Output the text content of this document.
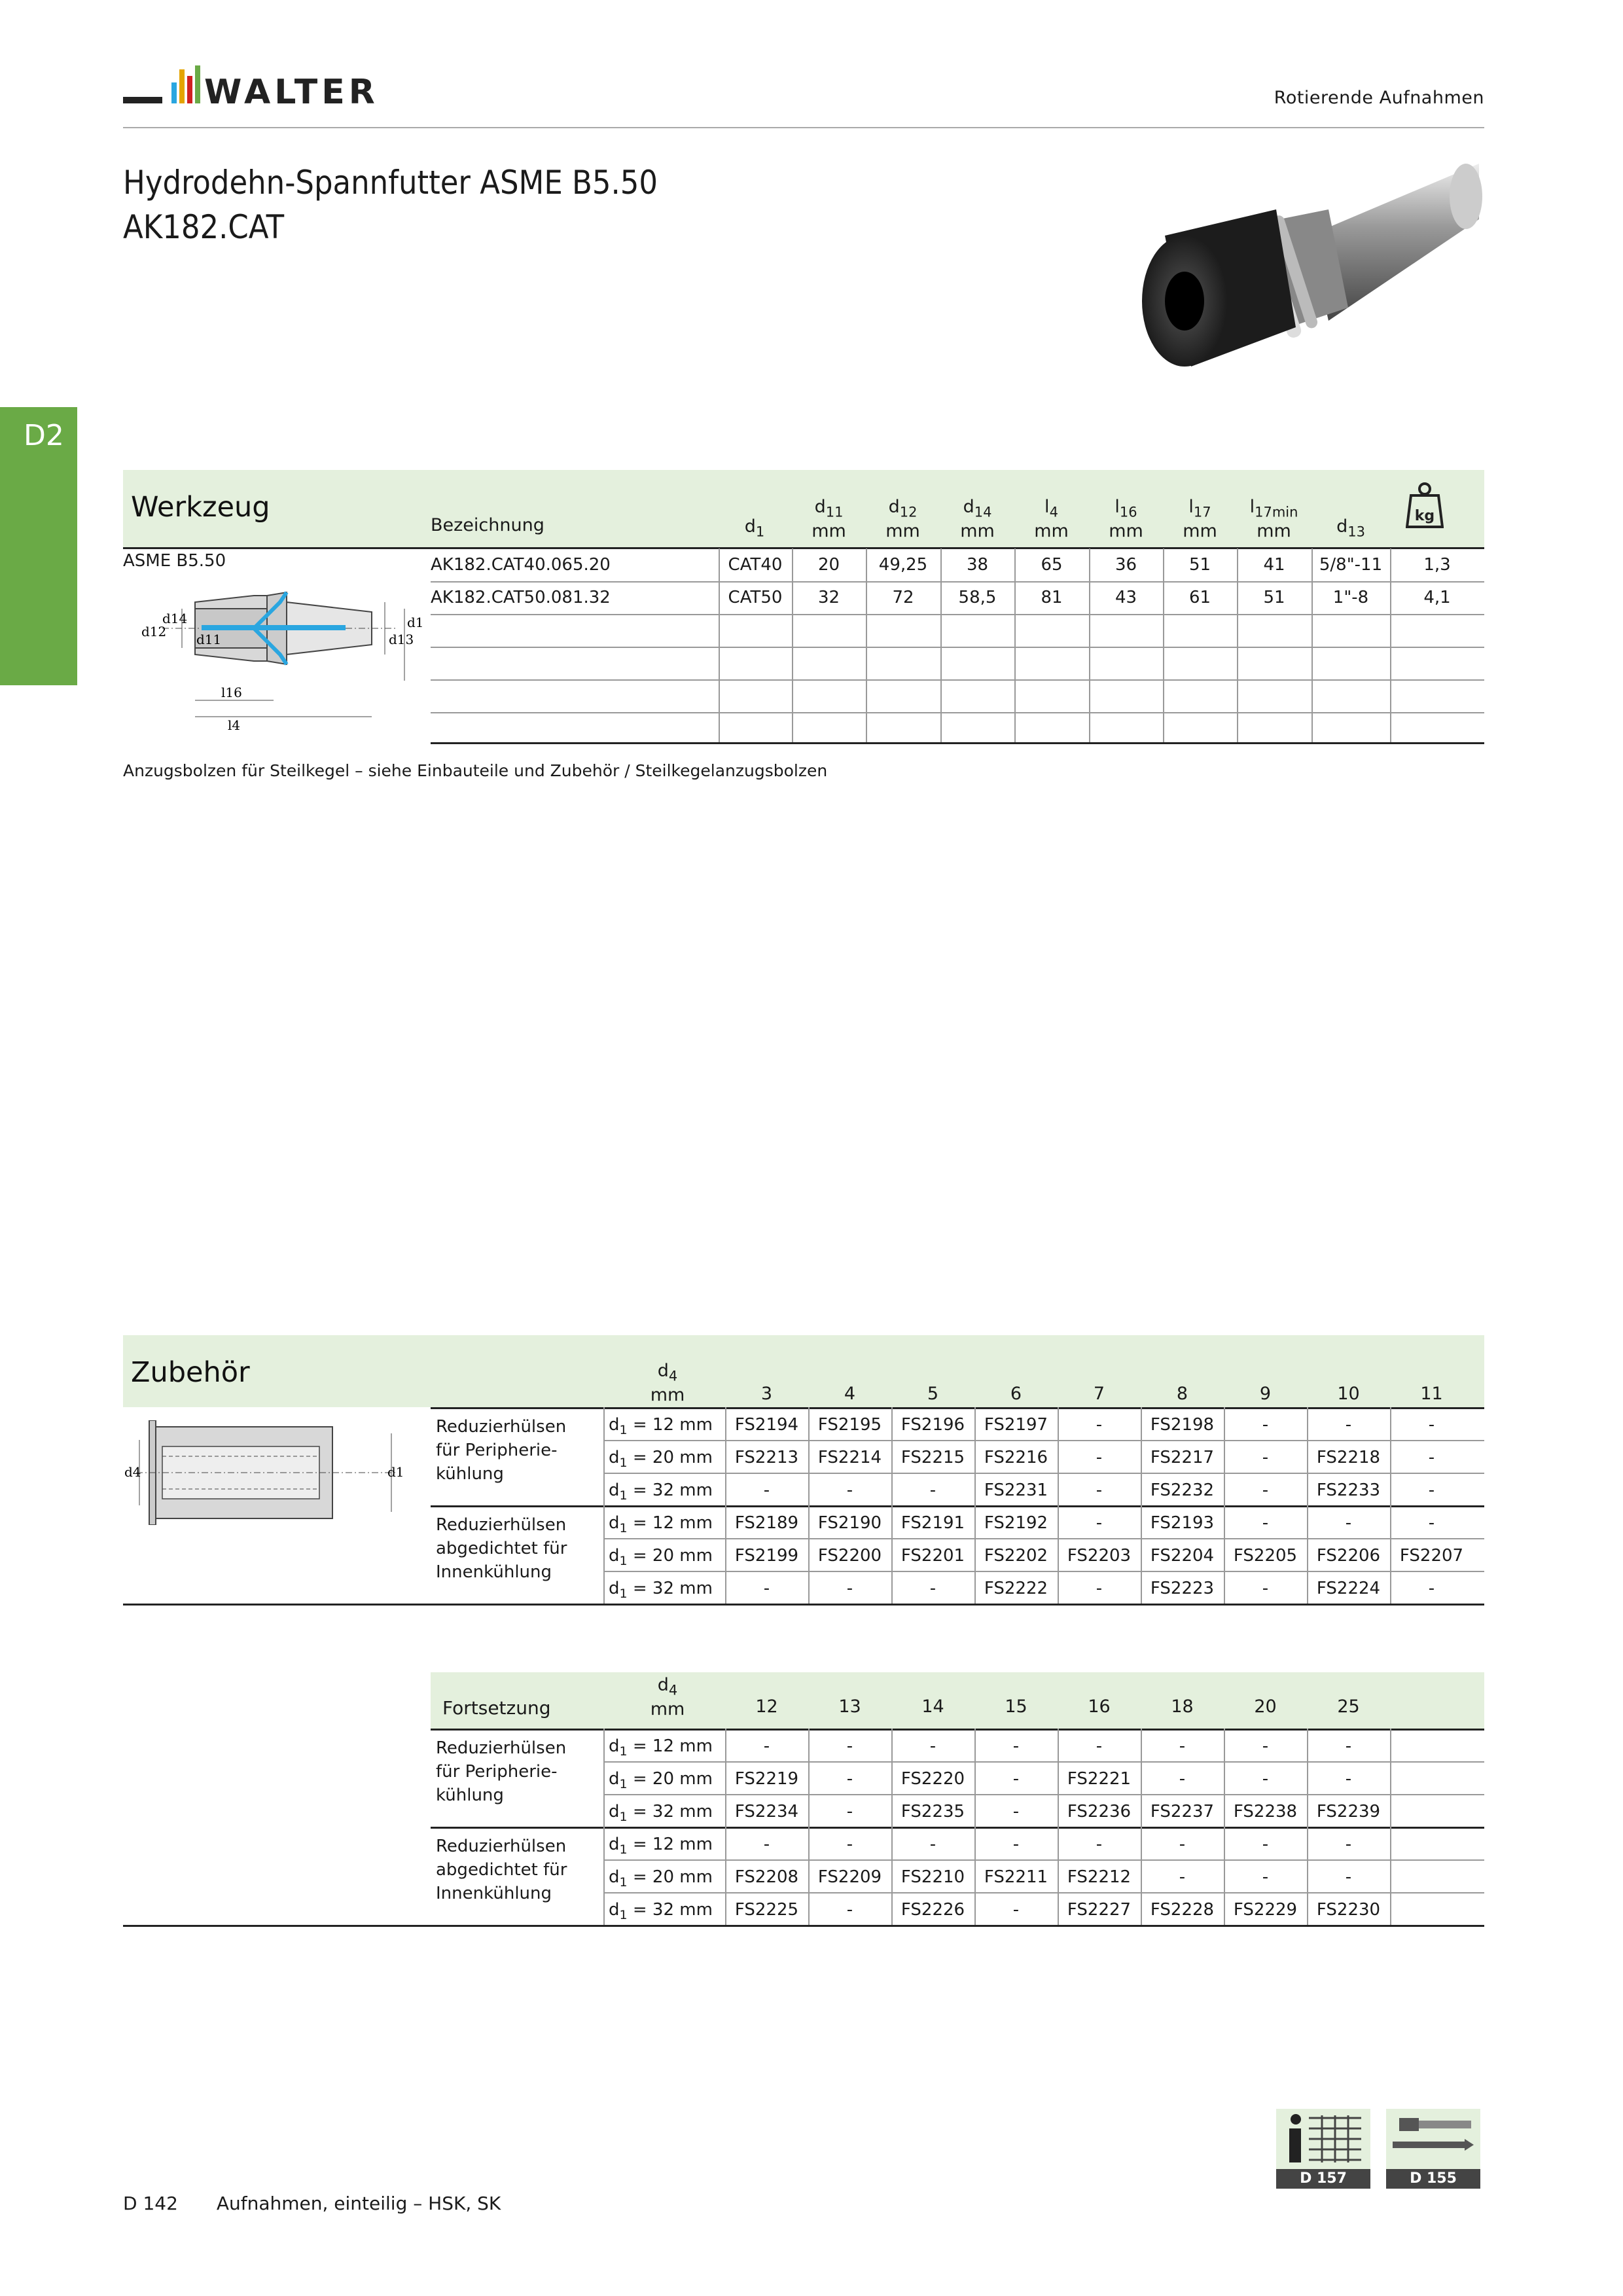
WALTER	Rotierende Aufnahmen
Hydrodehn-Spannfutter ASME B5.50
AK182.CAT
D2
Werkzeug
Bezeichnung	$d_1$
kg
ASME B5.50
d12
d14
d11
d1
d13
l16
l4
Anzugsbolzen für Steilkegel – siehe Einbauteile und Zubehör / Steilkegelanzugsbolzen
Zubehör	$d_4$
mm
d4	d1
Fortsetzung
$d_4$
mm
D 157	D 155
D 142 Aufnahmen, einteilig – HSK, SK
$d_{11}$
mm
$d_{12}$
mm
$d_{14}$
mm
$l_4$
mm
$l_{16}$
mm
$l_{17}$
mm
$l_{17min}$
mm	$d_{13}$
AK182.CAT40.065.20	CAT40	20	49,25	38	65	36	51	41	5/8"-11	1,3
AK182.CAT50.081.32	CAT50	32	72	58,5	81	43	61	51	1"-8	4,1
3	4	5	6	7	8	9	10	11
Reduzierhülsen
für Peripherie-
kühlung
$d_1 = 12$ mm	FS2194	FS2195	FS2196	FS2197	-	FS2198	-	-	-
$d_1 = 20$ mm	FS2213	FS2214	FS2215	FS2216	-	FS2217	-	FS2218	-
$d_1 = 32$ mm	-	-	-	FS2231	-	FS2232	-	FS2233	-
Reduzierhülsen
abgedichtet für
Innenkühlung
$d_1 = 12$ mm	FS2189	FS2190	FS2191	FS2192	-	FS2193	-	-	-
$d_1 = 20$ mm	FS2199	FS2200	FS2201	FS2202	FS2203	FS2204	FS2205	FS2206	FS2207
$d_1 = 32$ mm	-	-	-	FS2222	-	FS2223	-	FS2224	-
12	13	14	15	16	18	20	25
Reduzierhülsen
für Peripherie-
kühlung
$d_1 = 12$ mm	-	-	-	-	-	-	-	-
$d_1 = 20$ mm	FS2219	-	FS2220	-	FS2221	-	-	-
$d_1 = 32$ mm	FS2234	-	FS2235	-	FS2236	FS2237	FS2238	FS2239
Reduzierhülsen
abgedichtet für
Innenkühlung
$d_1 = 12$ mm	-	-	-	-	-	-	-	-
$d_1 = 20$ mm	FS2208	FS2209	FS2210	FS2211	FS2212	-	-	-
$d_1 = 32$ mm	FS2225	-	FS2226	-	FS2227	FS2228	FS2229	FS2230
